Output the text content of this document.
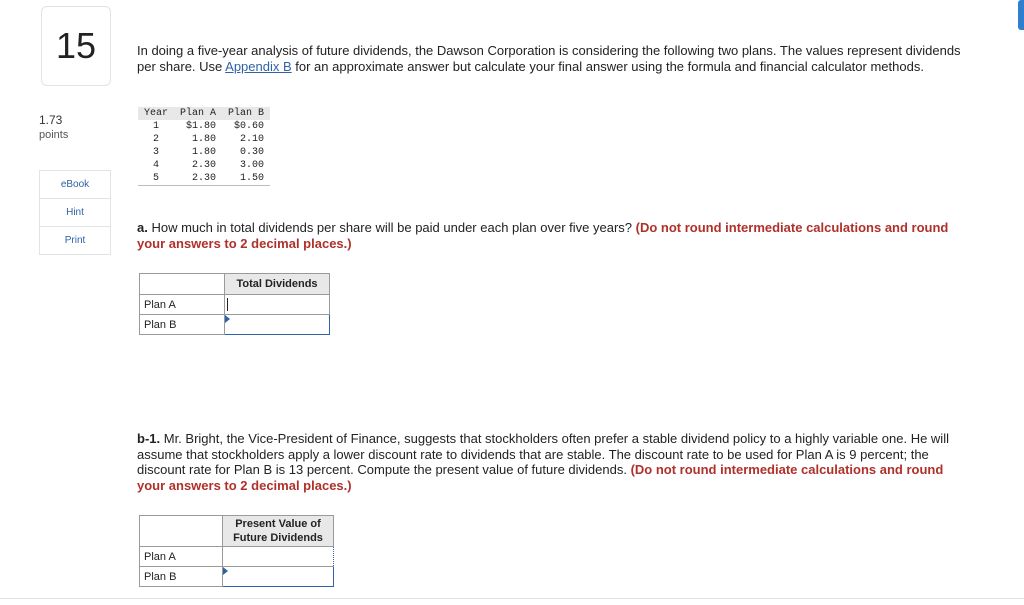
15
1.73
points
eBook
Hint
Print
In doing a five-year analysis of future dividends, the Dawson Corporation is considering the following two plans. The values represent dividends per share. Use Appendix B for an approximate answer but calculate your final answer using the formula and financial calculator methods.
Year	Plan A	Plan B
1	$1.80	$0.60
2	1.80	2.10
3	1.80	0.30
4	2.30	3.00
5	2.30	1.50
a. How much in total dividends per share will be paid under each plan over five years? (Do not round intermediate calculations and round your answers to 2 decimal places.)
	Total Dividends
Plan A	

Plan B	
b-1. Mr. Bright, the Vice-President of Finance, suggests that stockholders often prefer a stable dividend policy to a highly variable one. He will assume that stockholders apply a lower discount rate to dividends that are stable. The discount rate to be used for Plan A is 9 percent; the discount rate for Plan B is 13 percent. Compute the present value of future dividends. (Do not round intermediate calculations and round your answers to 2 decimal places.)
	Present Value of
Future Dividends
Plan A	

Plan B	
